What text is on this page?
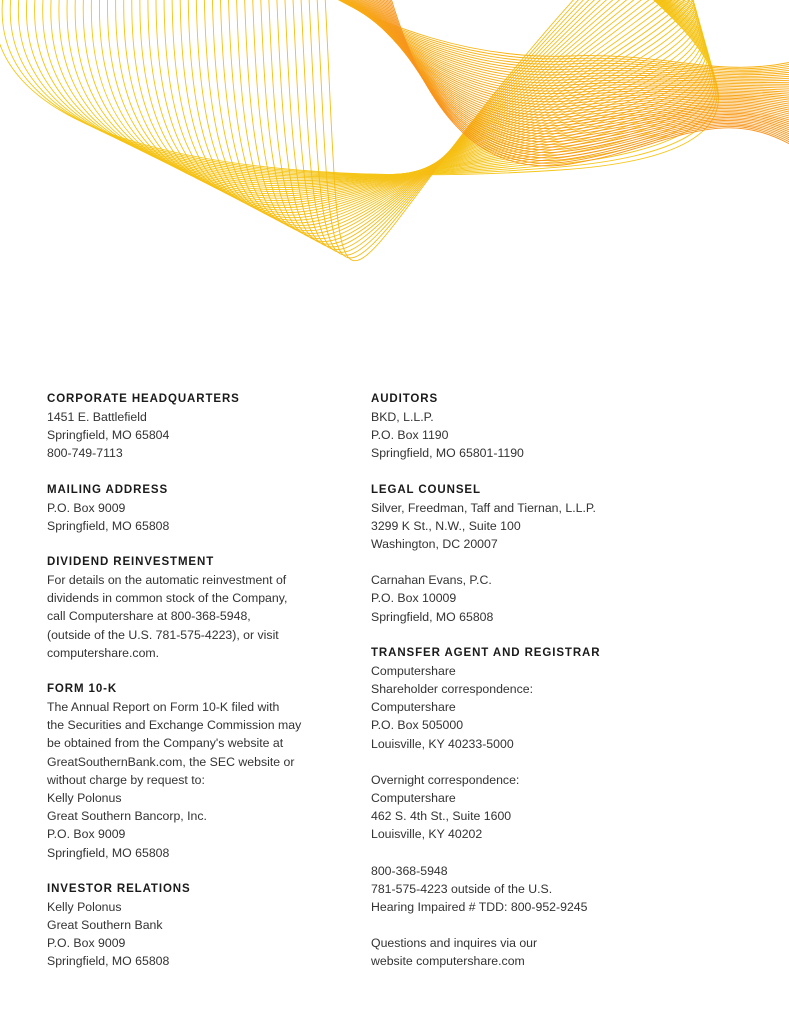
CORPORATE HEADQUARTERS
1451 E. Battlefield
Springfield, MO 65804
800-749-7113
MAILING ADDRESS
P.O. Box 9009
Springfield, MO 65808
DIVIDEND REINVESTMENT
For details on the automatic reinvestment of
dividends in common stock of the Company,
call Computershare at 800-368-5948,
(outside of the U.S. 781-575-4223), or visit
computershare.com.
FORM 10-K
The Annual Report on Form 10-K filed with
the Securities and Exchange Commission may
be obtained from the Company's website at
GreatSouthernBank.com, the SEC website or
without charge by request to:
Kelly Polonus
Great Southern Bancorp, Inc.
P.O. Box 9009
Springfield, MO 65808
INVESTOR RELATIONS
Kelly Polonus
Great Southern Bank
P.O. Box 9009
Springfield, MO 65808
AUDITORS
BKD, L.L.P.
P.O. Box 1190
Springfield, MO 65801-1190
LEGAL COUNSEL
Silver, Freedman, Taff and Tiernan, L.L.P.
3299 K St., N.W., Suite 100
Washington, DC 20007
Carnahan Evans, P.C.
P.O. Box 10009
Springfield, MO 65808
TRANSFER AGENT AND REGISTRAR
Computershare
Shareholder correspondence:
Computershare
P.O. Box 505000
Louisville, KY 40233-5000
Overnight correspondence:
Computershare
462 S. 4th St., Suite 1600
Louisville, KY 40202
800-368-5948
781-575-4223 outside of the U.S.
Hearing Impaired # TDD: 800-952-9245
Questions and inquires via our
website computershare.com
